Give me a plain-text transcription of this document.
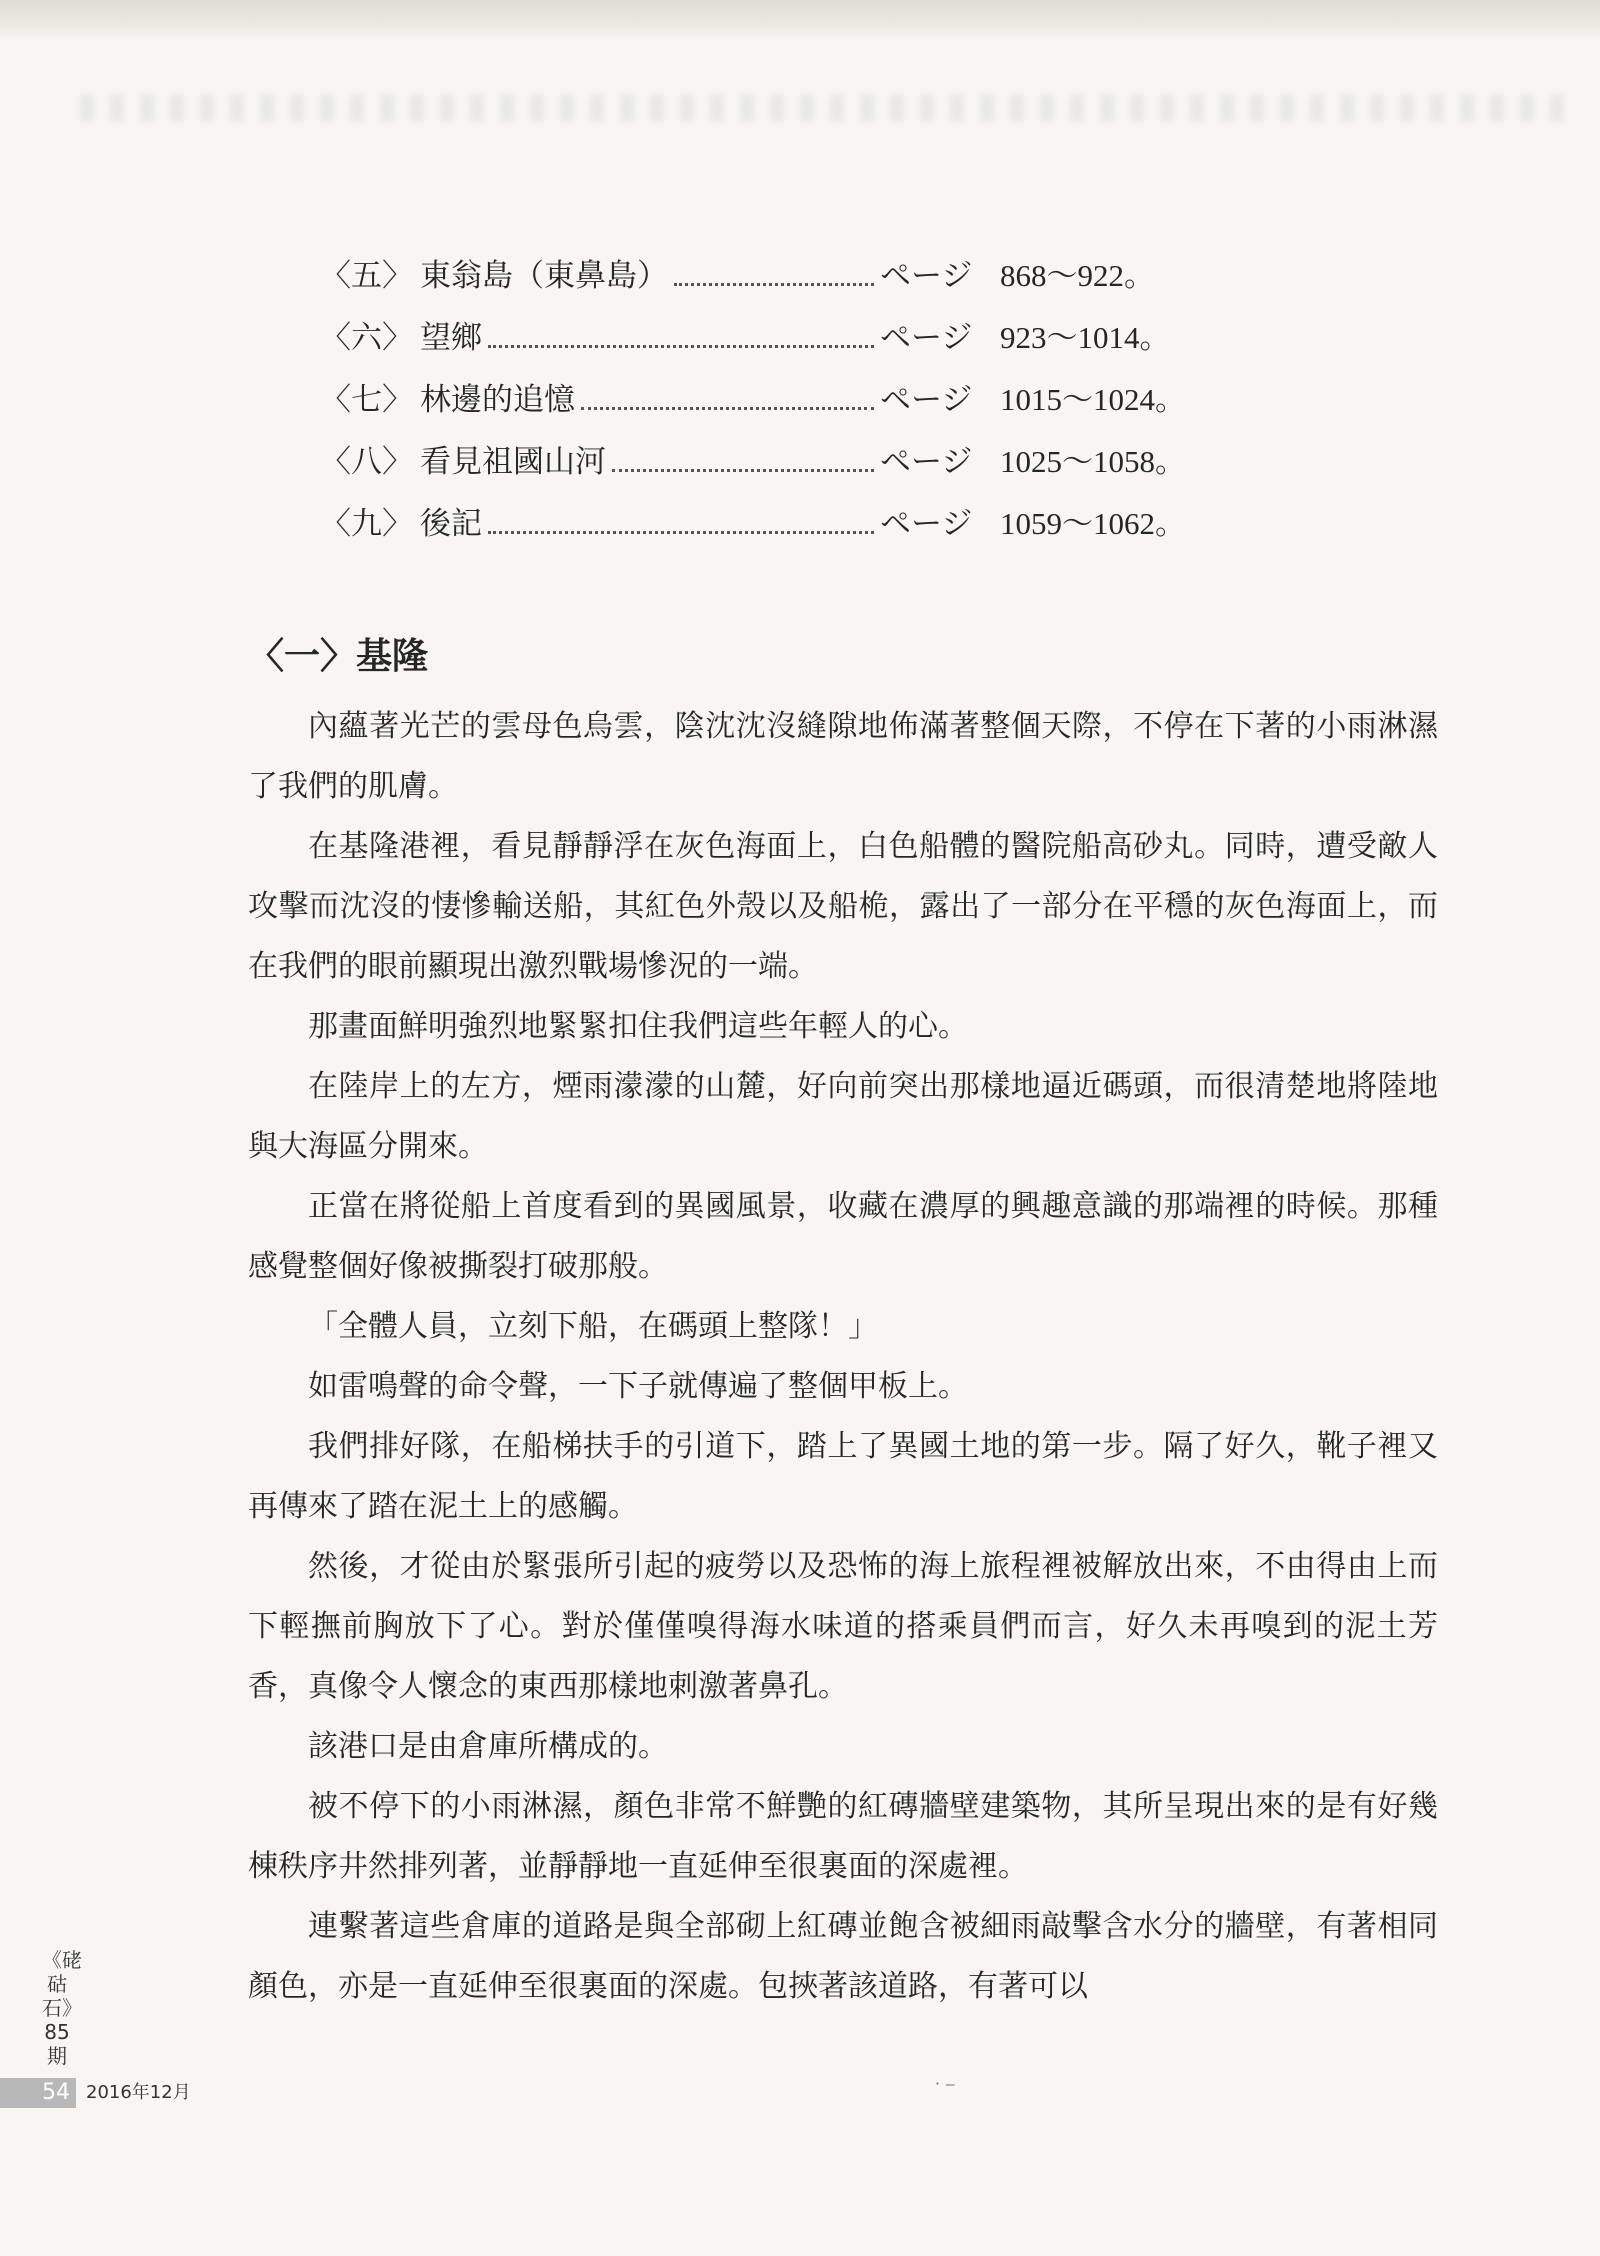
〈五〉 東翁島（東鼻島）	ページ 868～922。
〈六〉 望鄉	ページ 923～1014。
〈七〉 林邊的追憶	ページ 1015～1024。
〈八〉 看見祖國山河	ページ 1025～1058。
〈九〉 後記	ページ 1059～1062。
〈一〉基隆

內蘊著光芒的雲母色烏雲，陰沈沈沒縫隙地佈滿著整個天際，不停在下著的小雨淋濕了我們的肌膚。

在基隆港裡，看見靜靜浮在灰色海面上，白色船體的醫院船高砂丸。同時，遭受敵人攻擊而沈沒的悽慘輸送船，其紅色外殼以及船桅，露出了一部分在平穩的灰色海面上，而在我們的眼前顯現出激烈戰場慘況的一端。

那畫面鮮明強烈地緊緊扣住我們這些年輕人的心。

在陸岸上的左方，煙雨濛濛的山麓，好向前突出那樣地逼近碼頭，而很清楚地將陸地與大海區分開來。

正當在將從船上首度看到的異國風景，收藏在濃厚的興趣意識的那端裡的時候。那種感覺整個好像被撕裂打破那般。

「全體人員，立刻下船，在碼頭上整隊！」

如雷鳴聲的命令聲，一下子就傳遍了整個甲板上。

我們排好隊，在船梯扶手的引道下，踏上了異國土地的第一步。隔了好久，靴子裡又再傳來了踏在泥土上的感觸。

然後，才從由於緊張所引起的疲勞以及恐怖的海上旅程裡被解放出來，不由得由上而下輕撫前胸放下了心。對於僅僅嗅得海水味道的搭乘員們而言，好久未再嗅到的泥土芳香，真像令人懷念的東西那樣地刺激著鼻孔。

該港口是由倉庫所構成的。

被不停下的小雨淋濕，顏色非常不鮮艷的紅磚牆壁建築物，其所呈現出來的是有好幾棟秩序井然排列著，並靜靜地一直延伸至很裏面的深處裡。

連繫著這些倉庫的道路是與全部砌上紅磚並飽含被細雨敲擊含水分的牆壁，有著相同顏色，亦是一直延伸至很裏面的深處。包挾著該道路，有著可以

《硓𥑮石》85期
54 2016年12月	· ‒
